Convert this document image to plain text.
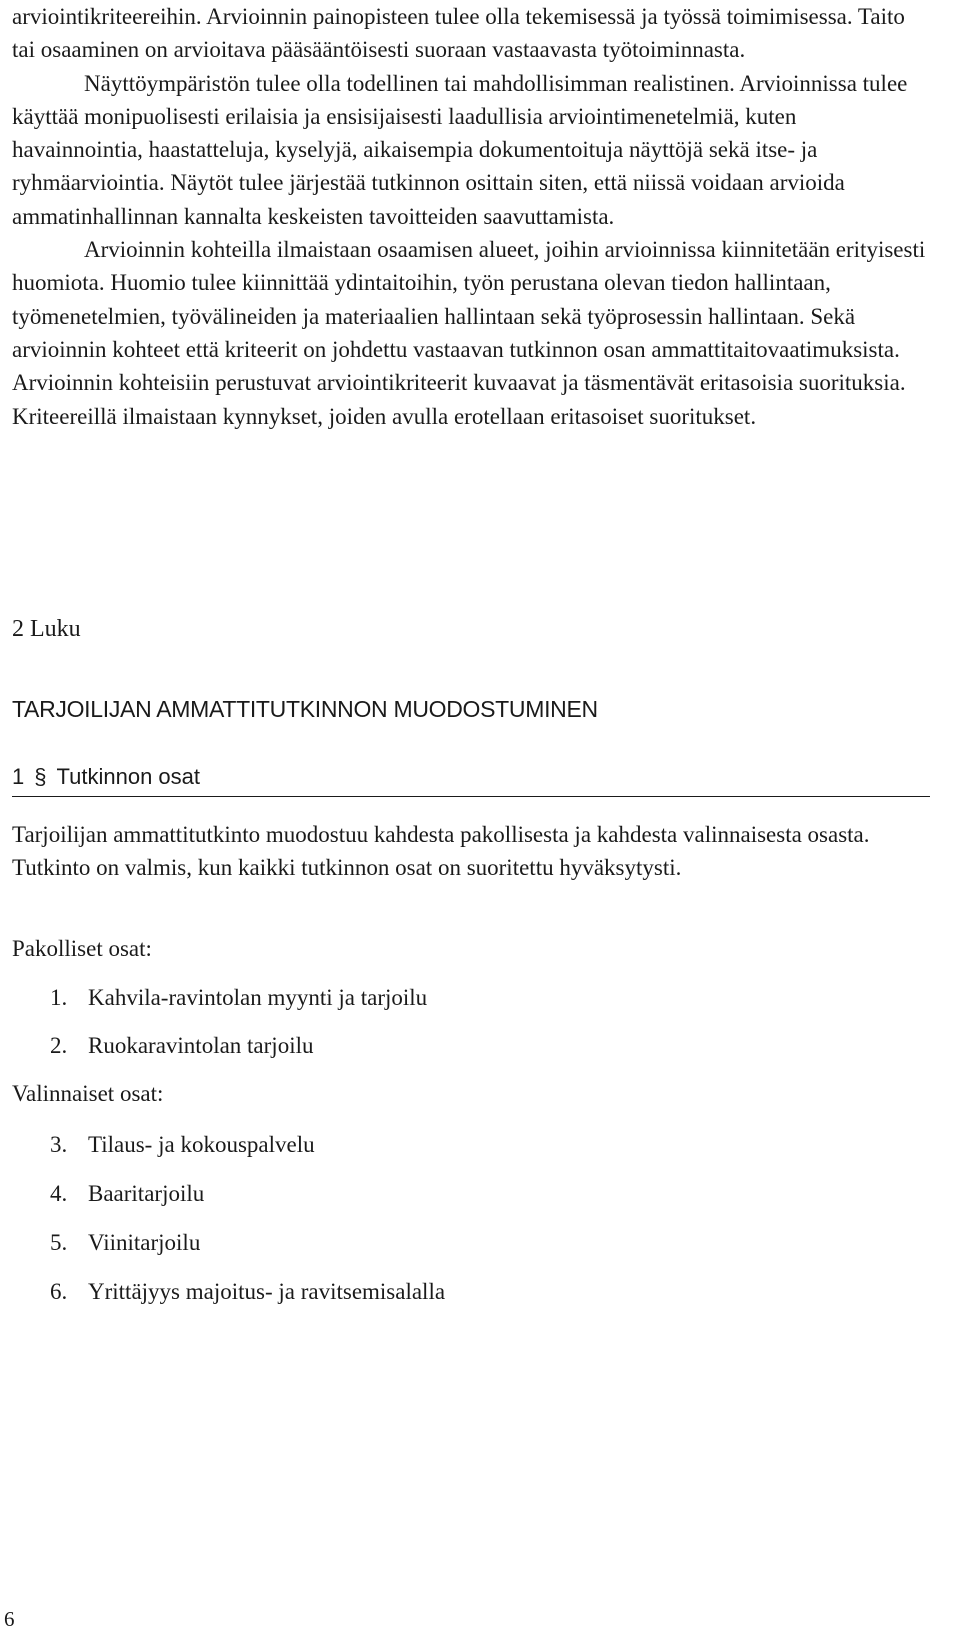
arviointikriteereihin. Arvioinnin painopisteen tulee olla tekemisessä ja työssä toimimisessa. Taito tai osaaminen on arvioitava pääsääntöisesti suoraan vastaavasta työtoiminnasta.

Näyttöympäristön tulee olla todellinen tai mahdollisimman realistinen. Arvioinnissa tulee käyttää monipuolisesti erilaisia ja ensisijaisesti laadullisia arviointimenetelmiä, kuten havainnointia, haastatteluja, kyselyjä, aikaisempia dokumentoituja näyttöjä sekä itse- ja ryhmäarviointia. Näytöt tulee järjestää tutkinnon osittain siten, että niissä voidaan arvioida ammatinhallinnan kannalta keskeisten tavoitteiden saavuttamista.

Arvioinnin kohteilla ilmaistaan osaamisen alueet, joihin arvioinnissa kiinnitetään erityisesti huomiota. Huomio tulee kiinnittää ydintaitoihin, työn perustana olevan tiedon hallintaan, työmenetelmien, työvälineiden ja materiaalien hallintaan sekä työprosessin hallintaan. Sekä arvioinnin kohteet että kriteerit on johdettu vastaavan tutkinnon osan ammattitaitovaatimuksista. Arvioinnin kohteisiin perustuvat arviointikriteerit kuvaavat ja täsmentävät eritasoisia suorituksia. Kriteereillä ilmaistaan kynnykset, joiden avulla erotellaan eritasoiset suoritukset.

2 Luku
TARJOILIJAN AMMATTITUTKINNON MUODOSTUMINEN
1 § Tutkinnon osat

Tarjoilijan ammattitutkinto muodostuu kahdesta pakollisesta ja kahdesta valinnaisesta osasta. Tutkinto on valmis, kun kaikki tutkinnon osat on suoritettu hyväksytysti.

Pakolliset osat:
1. Kahvila-ravintolan myynti ja tarjoilu
2. Ruokaravintolan tarjoilu
Valinnaiset osat:
3. Tilaus- ja kokouspalvelu
4. Baaritarjoilu
5. Viinitarjoilu
6. Yrittäjyys majoitus- ja ravitsemisalalla
6
